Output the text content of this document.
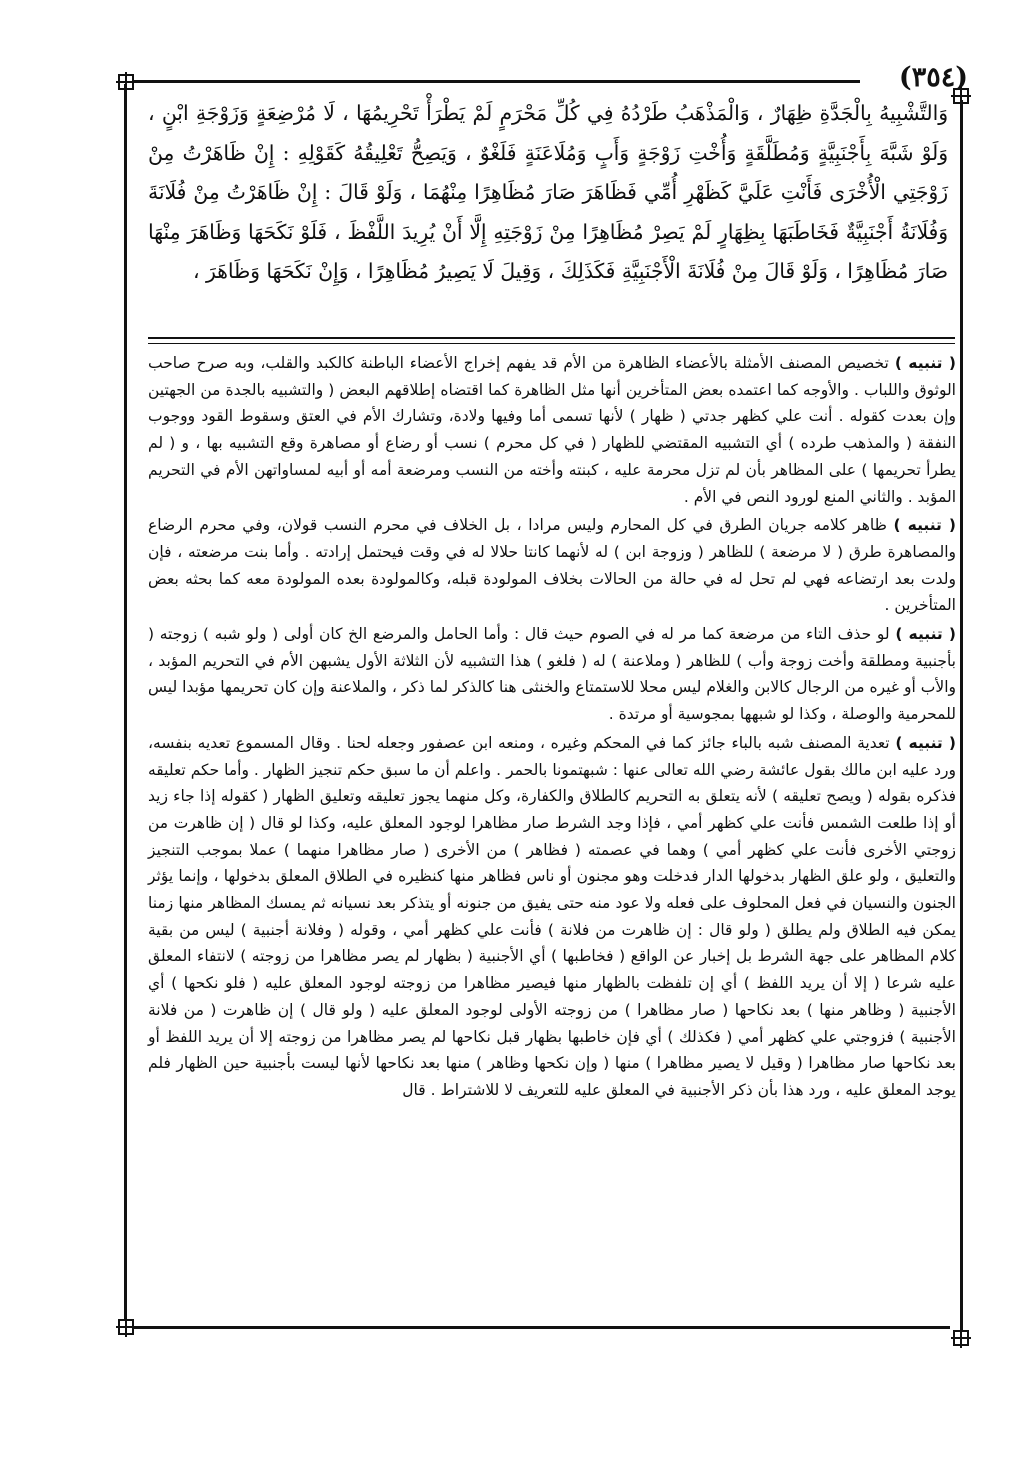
(٣٥٤)

وَالتَّشْبِيهُ بِالْجَدَّةِ ظِهَارٌ ، وَالْمَذْهَبُ طَرْدُهُ فِي كُلِّ مَحْرَمٍ لَمْ يَطْرَأْ تَحْرِيمُهَا ، لَا مُرْضِعَةٍ وَزَوْجَةِ ابْنٍ ، وَلَوْ شَبَّهَ بِأَجْنَبِيَّةٍ وَمُطَلَّقَةٍ وَأُخْتِ زَوْجَةٍ وَأَبٍ وَمُلَاعَنَةٍ فَلَغْوٌ ، وَيَصِحُّ تَعْلِيقُهُ كَقَوْلِهِ : إِنْ ظَاهَرْتُ مِنْ زَوْجَتِي الْأُخْرَى فَأَنْتِ عَلَيَّ كَظَهْرِ أُمِّي فَظَاهَرَ صَارَ مُظَاهِرًا مِنْهُمَا ، وَلَوْ قَالَ : إِنْ ظَاهَرْتُ مِنْ فُلَانَةَ وَفُلَانَةُ أَجْنَبِيَّةٌ فَخَاطَبَهَا بِظِهَارٍ لَمْ يَصِرْ مُظَاهِرًا مِنْ زَوْجَتِهِ إِلَّا أَنْ يُرِيدَ اللَّفْظَ ، فَلَوْ نَكَحَهَا وَظَاهَرَ مِنْهَا صَارَ مُظَاهِرًا ، وَلَوْ قَالَ مِنْ فُلَانَةَ الْأَجْنَبِيَّةِ فَكَذَلِكَ ، وَقِيلَ لَا يَصِيرُ مُظَاهِرًا ، وَإِنْ نَكَحَهَا وَظَاهَرَ ،

( تنبيه ) تخصيص المصنف الأمثلة بالأعضاء الظاهرة من الأم قد يفهم إخراج الأعضاء الباطنة كالكبد والقلب، وبه صرح صاحب الوثوق واللباب . والأوجه كما اعتمده بعض المتأخرين أنها مثل الظاهرة كما اقتضاه إطلاقهم البعض ( والتشبيه بالجدة من الجهتين وإن بعدت كقوله . أنت علي كظهر جدتي ( ظهار ) لأنها تسمى أما وفيها ولادة، وتشارك الأم في العتق وسقوط القود ووجوب النفقة ( والمذهب طرده ) أي التشبيه المقتضي للظهار ( في كل محرم ) نسب أو رضاع أو مصاهرة وقع التشبيه بها ، و ( لم يطرأ تحريمها ) على المظاهر بأن لم تزل محرمة عليه ، كبنته وأخته من النسب ومرضعة أمه أو أبيه لمساواتهن الأم في التحريم المؤبد . والثاني المنع لورود النص في الأم .

( تنبيه ) ظاهر كلامه جريان الطرق في كل المحارم وليس مرادا ، بل الخلاف في محرم النسب قولان، وفي محرم الرضاع والمصاهرة طرق ( لا مرضعة ) للظاهر ( وزوجة ابن ) له لأنهما كانتا حلالا له في وقت فيحتمل إرادته . وأما بنت مرضعته ، فإن ولدت بعد ارتضاعه فهي لم تحل له في حالة من الحالات بخلاف المولودة قبله، وكالمولودة بعده المولودة معه كما بحثه بعض المتأخرين .

( تنبيه ) لو حذف التاء من مرضعة كما مر له في الصوم حيث قال : وأما الحامل والمرضع الخ كان أولى ( ولو شبه ) زوجته ( بأجنبية ومطلقة وأخت زوجة وأب ) للظاهر ( وملاعنة ) له ( فلغو ) هذا التشبيه لأن الثلاثة الأول يشبهن الأم في التحريم المؤبد ، والأب أو غيره من الرجال كالابن والغلام ليس محلا للاستمتاع والخنثى هنا كالذكر لما ذكر ، والملاعنة وإن كان تحريمها مؤبدا ليس للمحرمية والوصلة ، وكذا لو شبهها بمجوسية أو مرتدة .

( تنبيه ) تعدية المصنف شبه بالباء جائز كما في المحكم وغيره ، ومنعه ابن عصفور وجعله لحنا . وقال المسموع تعديه بنفسه، ورد عليه ابن مالك بقول عائشة رضي الله تعالى عنها : شبهتمونا بالحمر . واعلم أن ما سبق حكم تنجيز الظهار . وأما حكم تعليقه فذكره بقوله ( ويصح تعليقه ) لأنه يتعلق به التحريم كالطلاق والكفارة، وكل منهما يجوز تعليقه وتعليق الظهار ( كقوله إذا جاء زيد أو إذا طلعت الشمس فأنت علي كظهر أمي ، فإذا وجد الشرط صار مظاهرا لوجود المعلق عليه، وكذا لو قال ( إن ظاهرت من زوجتي الأخرى فأنت علي كظهر أمي ) وهما في عصمته ( فظاهر ) من الأخرى ( صار مظاهرا منهما ) عملا بموجب التنجيز والتعليق ، ولو علق الظهار بدخولها الدار فدخلت وهو مجنون أو ناس فظاهر منها كنظيره في الطلاق المعلق بدخولها ، وإنما يؤثر الجنون والنسيان في فعل المحلوف على فعله ولا عود منه حتى يفيق من جنونه أو يتذكر بعد نسيانه ثم يمسك المظاهر منها زمنا يمكن فيه الطلاق ولم يطلق ( ولو قال : إن ظاهرت من فلانة ) فأنت علي كظهر أمي ، وقوله ( وفلانة أجنبية ) ليس من بقية كلام المظاهر على جهة الشرط بل إخبار عن الواقع ( فخاطبها ) أي الأجنبية ( بظهار لم يصر مظاهرا من زوجته ) لانتفاء المعلق عليه شرعا ( إلا أن يريد اللفظ ) أي إن تلفظت بالظهار منها فيصير مظاهرا من زوجته لوجود المعلق عليه ( فلو نكحها ) أي الأجنبية ( وظاهر منها ) بعد نكاحها ( صار مظاهرا ) من زوجته الأولى لوجود المعلق عليه ( ولو قال ) إن ظاهرت ( من فلانة الأجنبية ) فزوجتي علي كظهر أمي ( فكذلك ) أي فإن خاطبها بظهار قبل نكاحها لم يصر مظاهرا من زوجته إلا أن يريد اللفظ أو بعد نكاحها صار مظاهرا ( وقيل لا يصير مظاهرا ) منها ( وإن نكحها وظاهر ) منها بعد نكاحها لأنها ليست بأجنبية حين الظهار فلم يوجد المعلق عليه ، ورد هذا بأن ذكر الأجنبية في المعلق عليه للتعريف لا للاشتراط . قال
